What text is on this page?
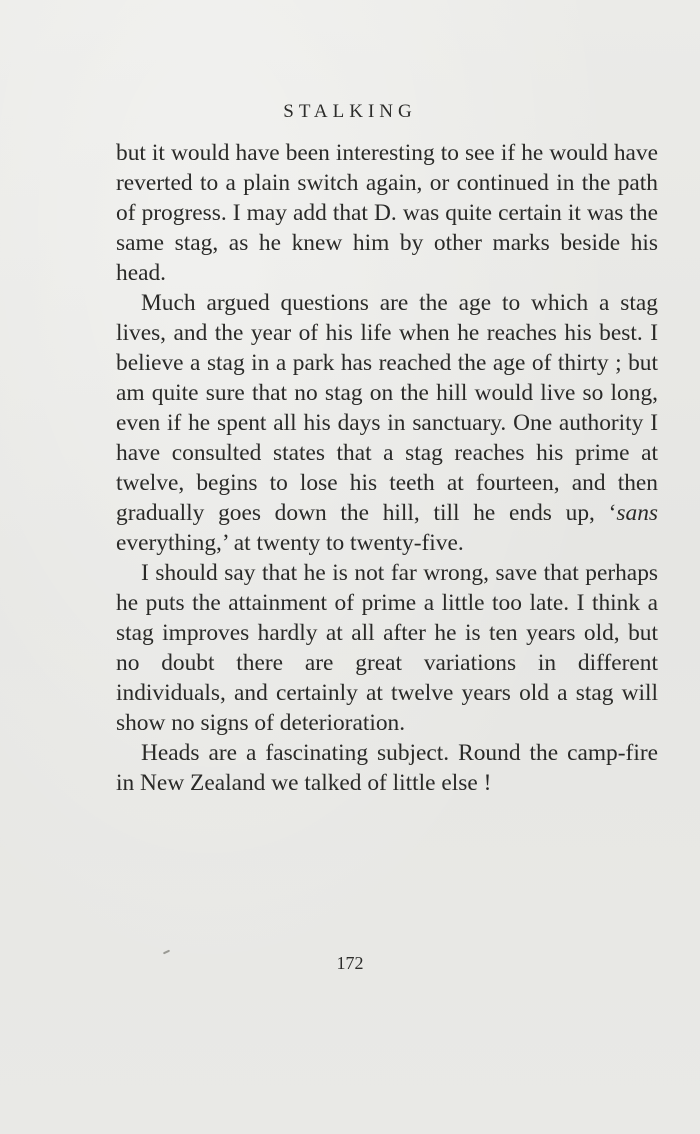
STALKING

but it would have been interesting to see if he would have reverted to a plain switch again, or continued in the path of progress. I may add that D. was quite certain it was the same stag, as he knew him by other marks beside his head.

Much argued questions are the age to which a stag lives, and the year of his life when he reaches his best. I believe a stag in a park has reached the age of thirty ; but am quite sure that no stag on the hill would live so long, even if he spent all his days in sanctuary. One authority I have consulted states that a stag reaches his prime at twelve, begins to lose his teeth at fourteen, and then gradually goes down the hill, till he ends up, ‘sans everything,’ at twenty to twenty-five.

I should say that he is not far wrong, save that perhaps he puts the attainment of prime a little too late. I think a stag improves hardly at all after he is ten years old, but no doubt there are great variations in different individuals, and certainly at twelve years old a stag will show no signs of deterioration.

Heads are a fascinating subject. Round the camp-fire in New Zealand we talked of little else !

172
